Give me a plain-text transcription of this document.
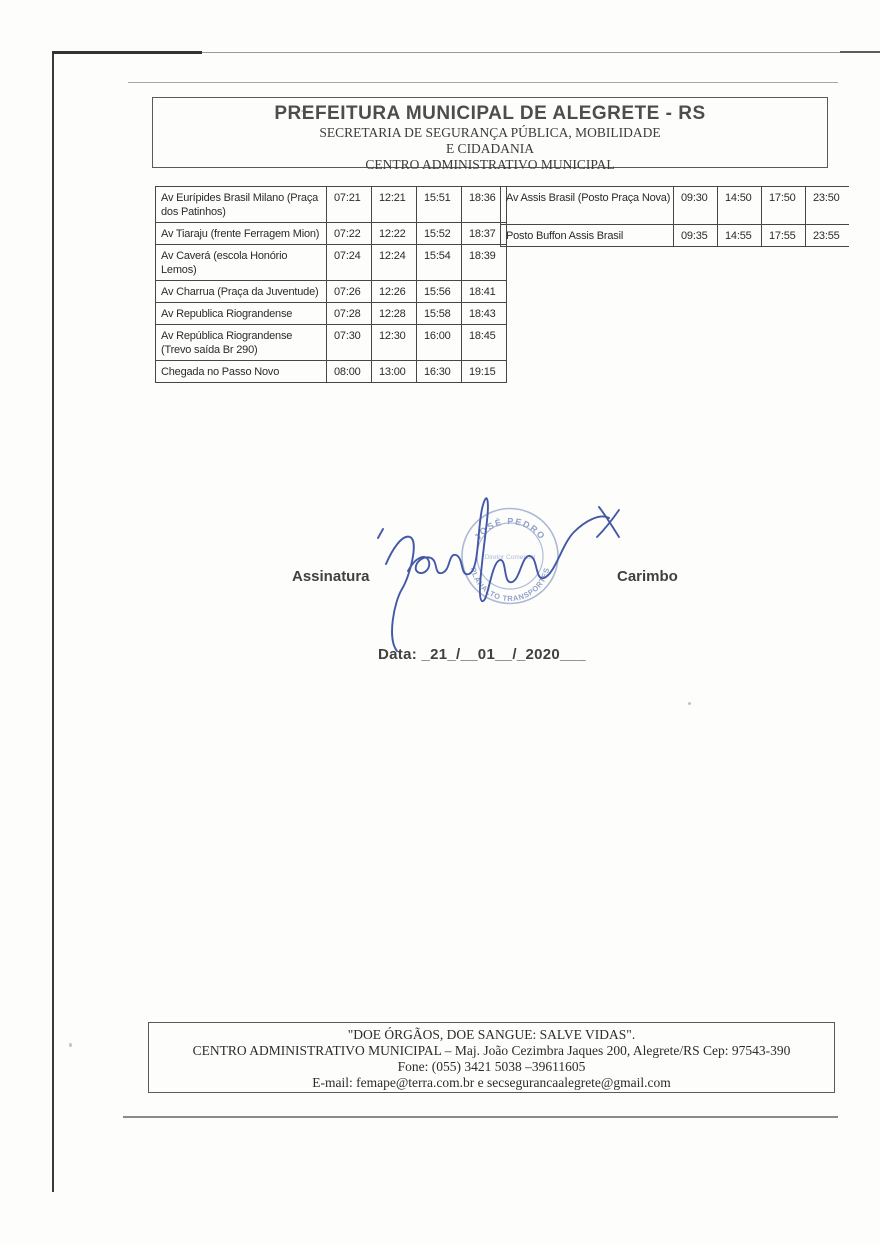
PREFEITURA MUNICIPAL DE ALEGRETE - RS
SECRETARIA DE SEGURANÇA PÚBLICA, MOBILIDADE
E CIDADANIA
CENTRO ADMINISTRATIVO MUNICIPAL
Av Eurípides Brasil Milano (Praça dos Patinhos)	07:21	12:21	15:51	18:36
Av Tiaraju (frente Ferragem Mion)	07:22	12:22	15:52	18:37
Av Caverá (escola Honório Lemos)	07:24	12:24	15:54	18:39
Av Charrua (Praça da Juventude)	07:26	12:26	15:56	18:41
Av Republica Riograndense	07:28	12:28	15:58	18:43
Av República Riograndense (Trevo saída Br 290)	07:30	12:30	16:00	18:45
Chegada no Passo Novo	08:00	13:00	16:30	19:15
Av Assis Brasil (Posto Praça Nova)	09:30	14:50	17:50	23:50
Posto Buffon Assis Brasil	09:35	14:55	17:55	23:55
Assinatura	Carimbo
JOSÉ PEDRO
PLANALTO TRANSPORTES
Diretor Comercial
Data: _21_/__01__/_2020___
"DOE ÓRGÃOS, DOE SANGUE: SALVE VIDAS".
CENTRO ADMINISTRATIVO MUNICIPAL – Maj. João Cezimbra Jaques 200, Alegrete/RS Cep: 97543-390
Fone: (055) 3421 5038 –39611605
E-mail: femape@terra.com.br e secsegurancaalegrete@gmail.com
